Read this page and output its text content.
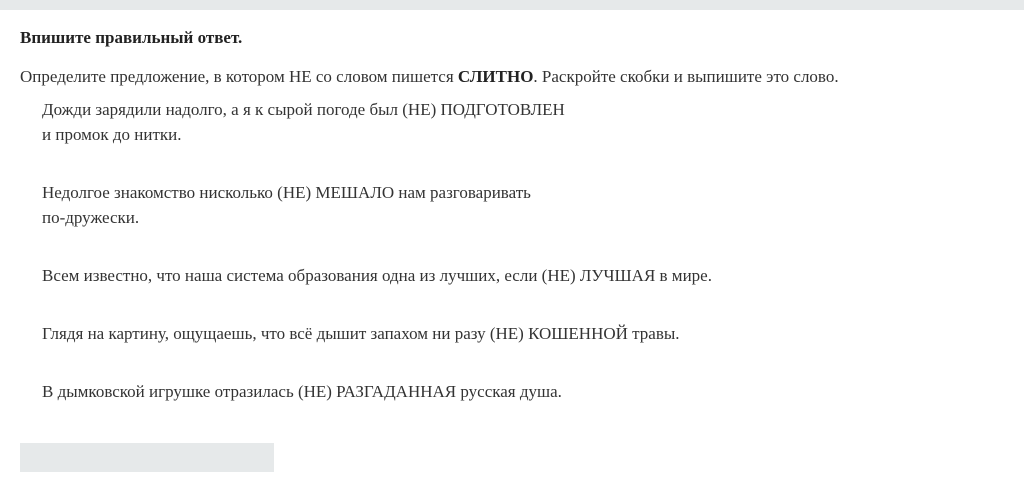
Впишите правильный ответ.
Определите предложение, в котором НЕ со словом пишется СЛИТНО. Раскройте скобки и выпишите это слово.
Дожди зарядили надолго, а я к сырой погоде был (НЕ) ПОДГОТОВЛЕН
и промок до нитки.
Недолгое знакомство нисколько (НЕ) МЕШАЛО нам разговаривать
по-дружески.
Всем известно, что наша система образования одна из лучших, если (НЕ) ЛУЧШАЯ в мире.
Глядя на картину, ощущаешь, что всё дышит запахом ни разу (НЕ) КОШЕННОЙ травы.
В дымковской игрушке отразилась (НЕ) РАЗГАДАННАЯ русская душа.
